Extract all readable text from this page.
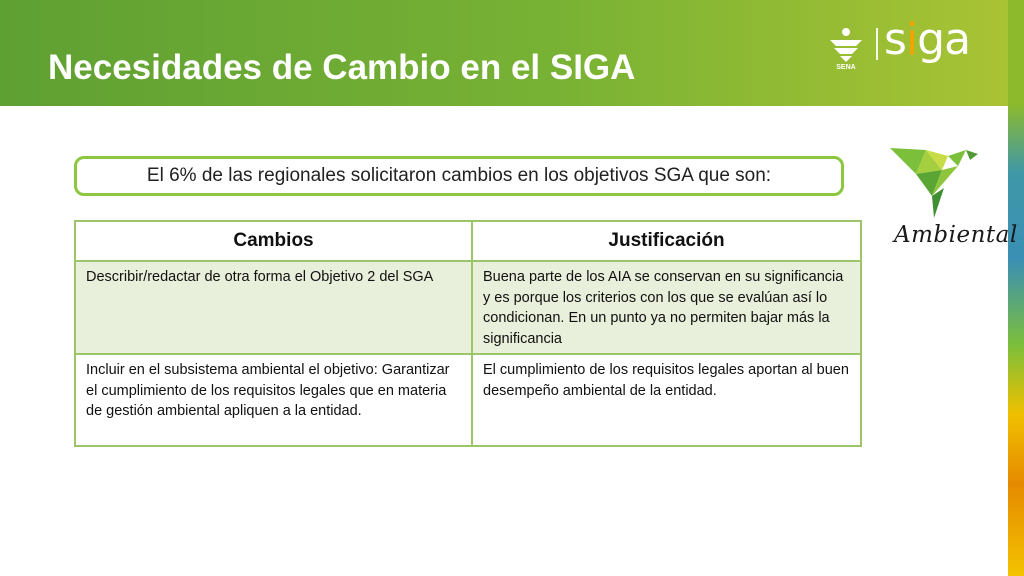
Necesidades de Cambio en el SIGA	SENA
siga
Ambiental
El 6% de las regionales solicitaron cambios en los objetivos SGA que son:
Cambios	Justificación
Describir/redactar de otra forma el Objetivo 2 del SGA	Buena parte de los AIA se conservan en su significancia y es porque los criterios con los que se evalúan así lo condicionan. En un punto ya no permiten bajar más la significancia
Incluir en el subsistema ambiental el objetivo: Garantizar el cumplimiento de los requisitos legales que en materia de gestión ambiental apliquen a la entidad.	El cumplimiento de los requisitos legales aportan al buen desempeño ambiental de la entidad.
